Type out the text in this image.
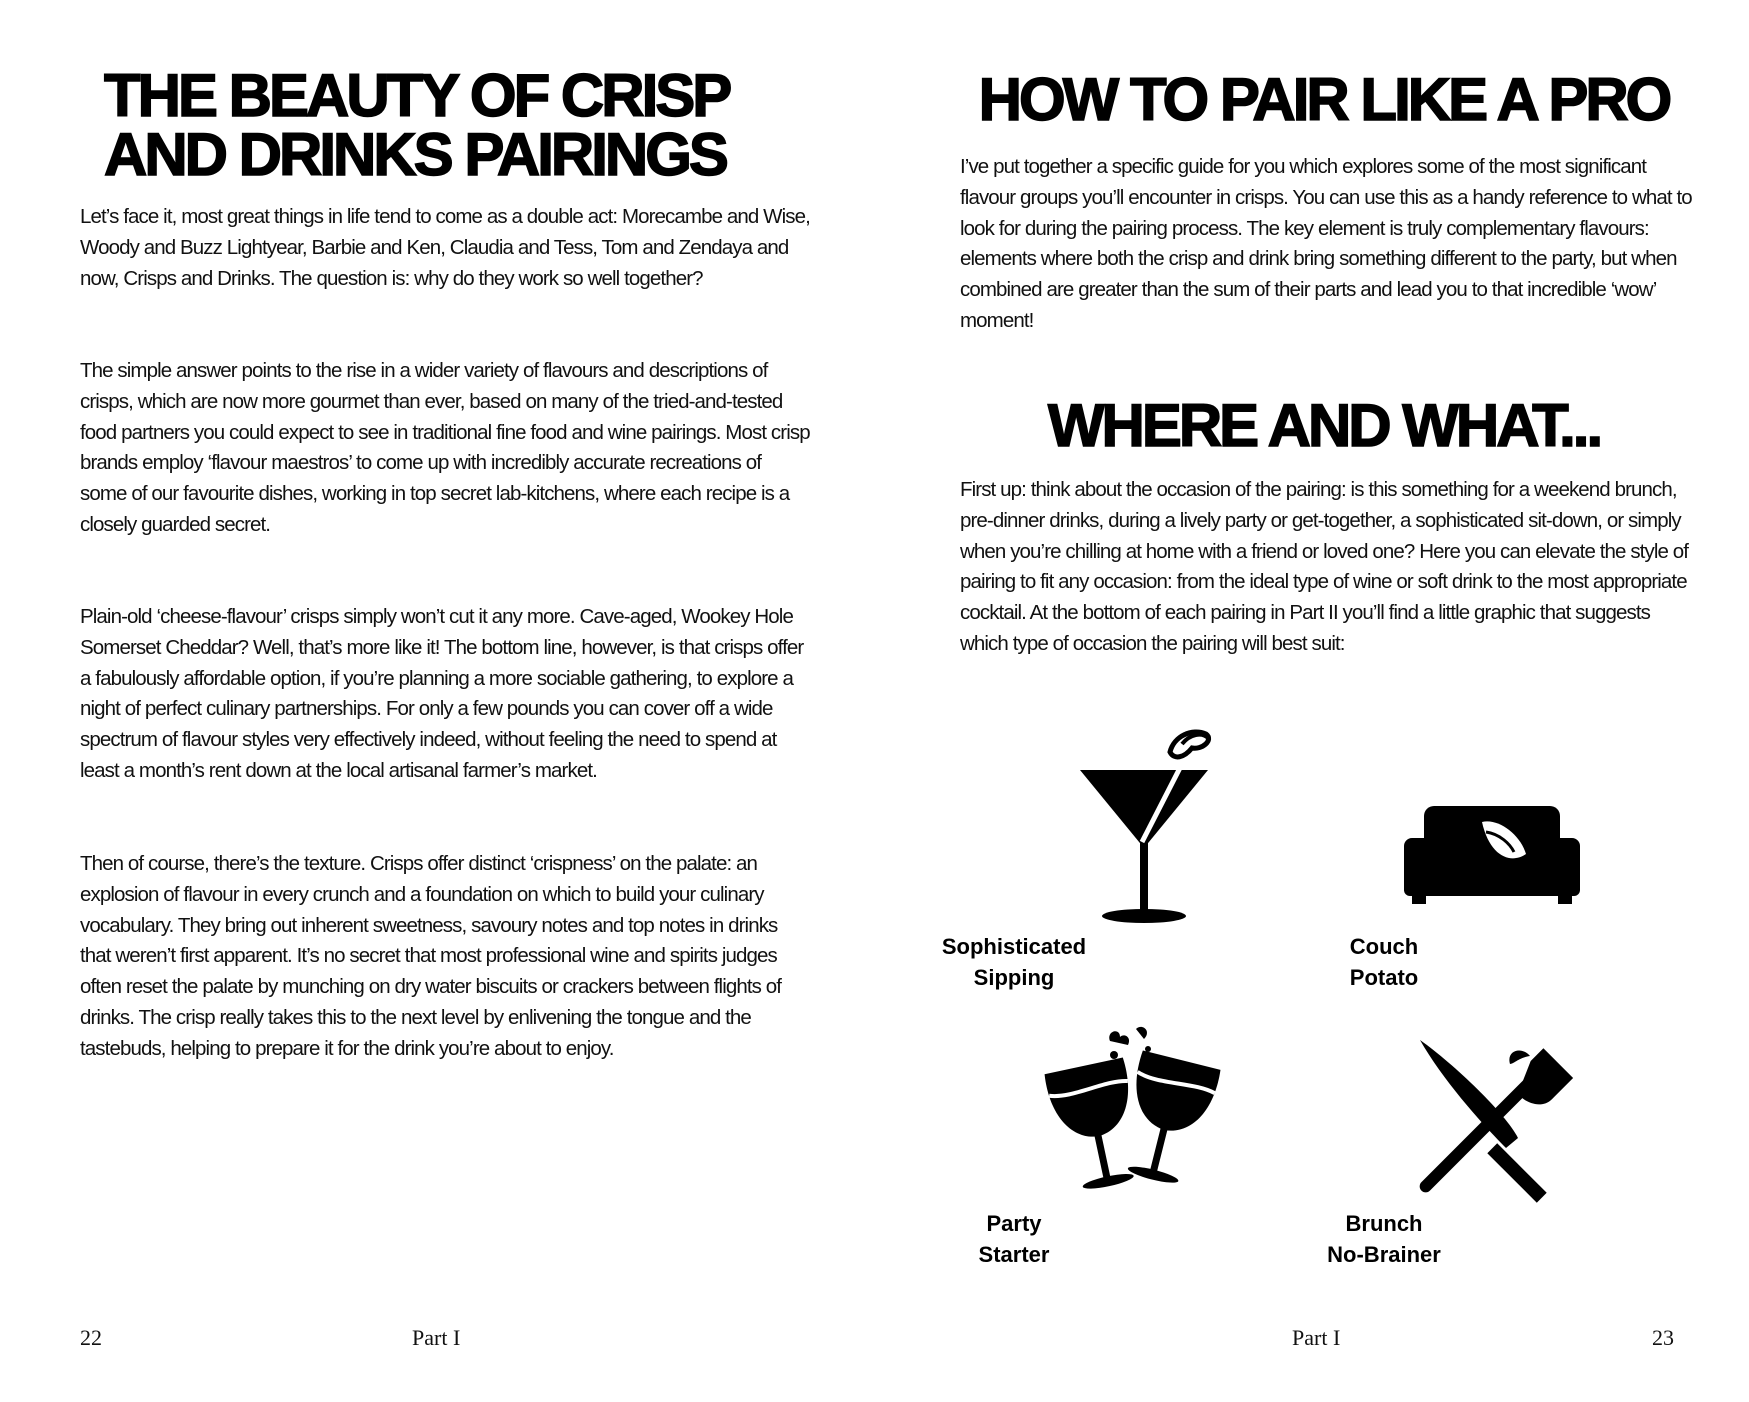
THE BEAUTY OF CRISP
AND DRINKS PAIRINGS

Let’s face it, most great things in life tend to come as a double act: Morecambe and Wise, Woody and Buzz Lightyear, Barbie and Ken, Claudia and Tess, Tom and Zendaya and now, Crisps and Drinks. The question is: why do they work so well together?

The simple answer points to the rise in a wider variety of flavours and descriptions of crisps, which are now more gourmet than ever, based on many of the tried-and-tested food partners you could expect to see in traditional fine food and wine pairings. Most crisp brands employ ‘flavour maestros’ to come up with incredibly accurate recreations of some of our favourite dishes, working in top secret lab-kitchens, where each recipe is a closely guarded secret.

Plain-old ‘cheese-flavour’ crisps simply won’t cut it any more. Cave-aged, Wookey Hole Somerset Cheddar? Well, that’s more like it! The bottom line, however, is that crisps offer a fabulously affordable option, if you’re planning a more sociable gathering, to explore a night of perfect culinary partnerships. For only a few pounds you can cover off a wide spectrum of flavour styles very effectively indeed, without feeling the need to spend at least a month’s rent down at the local artisanal farmer’s market.

Then of course, there’s the texture. Crisps offer distinct ‘crispness’ on the palate: an explosion of flavour in every crunch and a foundation on which to build your culinary vocabulary. They bring out inherent sweetness, savoury notes and top notes in drinks that weren’t first apparent. It’s no secret that most professional wine and spirits judges often reset the palate by munching on dry water biscuits or crackers between flights of drinks. The crisp really takes this to the next level by enlivening the tongue and the tastebuds, helping to prepare it for the drink you’re about to enjoy.

22	Part I
HOW TO PAIR LIKE A PRO

I’ve put together a specific guide for you which explores some of the most significant flavour groups you’ll encounter in crisps. You can use this as a handy reference to what to look for during the pairing process. The key element is truly complementary flavours: elements where both the crisp and drink bring something different to the party, but when combined are greater than the sum of their parts and lead you to that incredible ‘wow’ moment!

WHERE AND WHAT...

First up: think about the occasion of the pairing: is this something for a weekend brunch, pre-dinner drinks, during a lively party or get-together, a sophisticated sit-down, or simply when you’re chilling at home with a friend or loved one? Here you can elevate the style of pairing to fit any occasion: from the ideal type of wine or soft drink to the most appropriate cocktail. At the bottom of each pairing in Part II you’ll find a little graphic that suggests which type of occasion the pairing will best suit:

Sophisticated
Sipping
Couch
Potato
Party
Starter
Brunch
No-Brainer
Part I	23
